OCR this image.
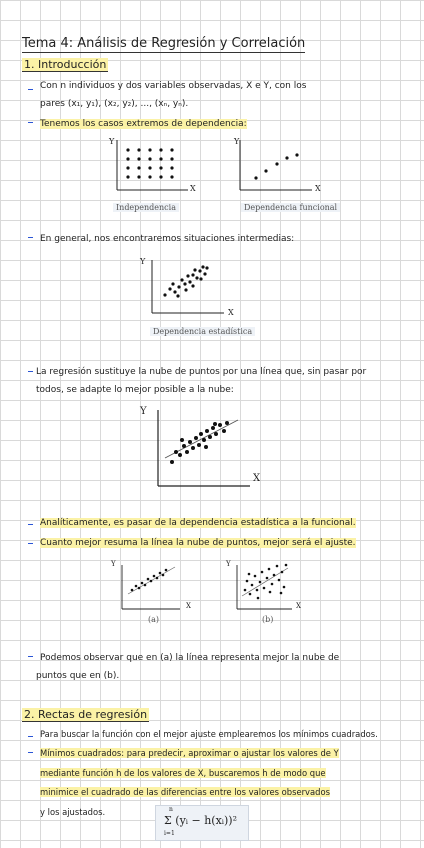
Tema 4: Análisis de Regresión y Correlación
1. Introducción
Con n individuos y dos variables observadas, X e Y, con los
pares (x₁, y₁), (x₂, y₂), ..., (xₙ, yₙ).
Tenemos los casos extremos de dependencia:
Y
X
Independencia
Y
X
Dependencia funcional
En general, nos encontraremos situaciones intermedias:
Y
X
Dependencia estadística
La regresión sustituye la nube de puntos por una línea que, sin pasar por
todos, se adapte lo mejor posible a la nube:
Y
X
Analíticamente, es pasar de la dependencia estadística a la funcional.
Cuanto mejor resuma la línea la nube de puntos, mejor será el ajuste.
Y
X
(a)
Y
X
(b)
Podemos observar que en (a) la línea representa mejor la nube de
puntos que en (b).
2. Rectas de regresión
Para buscar la función con el mejor ajuste emplearemos los mínimos cuadrados.
Mínimos cuadrados: para predecir, aproximar o ajustar los valores de Y
mediante función h de los valores de X, buscaremos h de modo que
minimice el cuadrado de las diferencias entre los valores observados
y los ajustados.	n
Σ (yᵢ − h(xᵢ))²
i=1
